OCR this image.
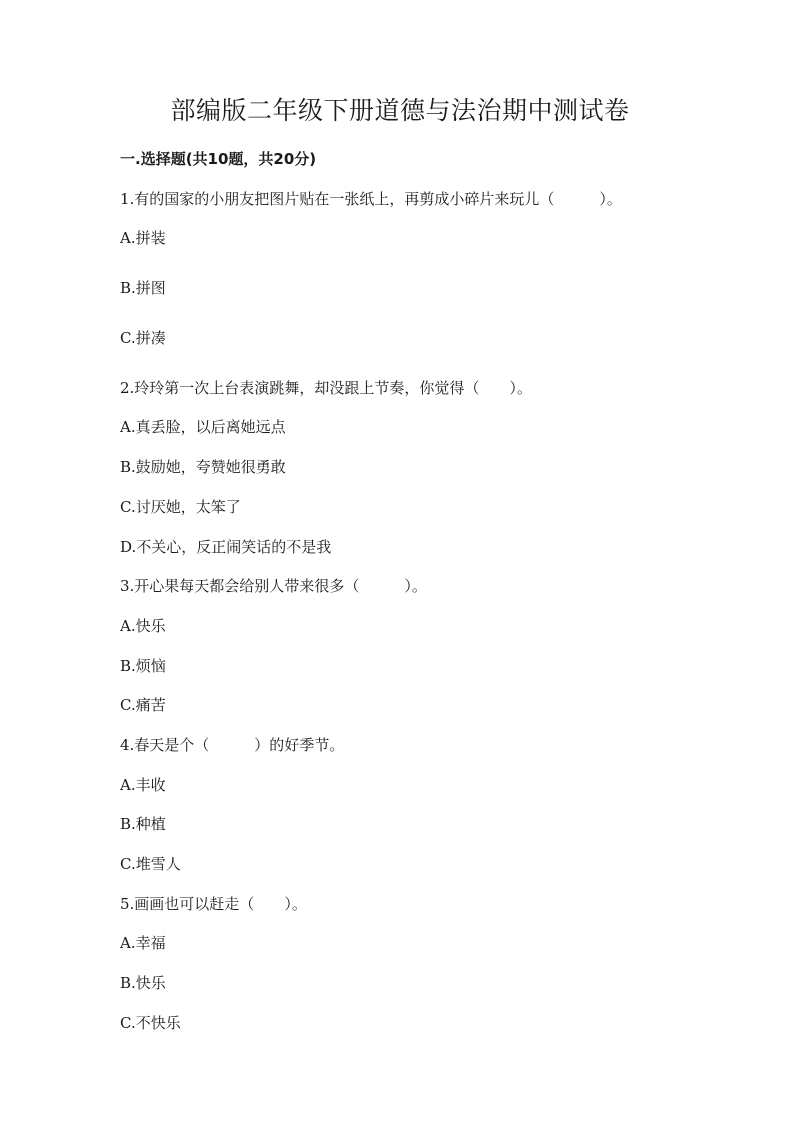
部编版二年级下册道德与法治期中测试卷
一.选择题(共10题，共20分)
1.有的国家的小朋友把图片贴在一张纸上，再剪成小碎片来玩儿（　　　）。
A.拼装
B.拼图
C.拼凑
2.玲玲第一次上台表演跳舞，却没跟上节奏，你觉得（　　）。
A.真丢脸，以后离她远点
B.鼓励她，夸赞她很勇敢
C.讨厌她，太笨了
D.不关心，反正闹笑话的不是我
3.开心果每天都会给别人带来很多（　　　）。
A.快乐
B.烦恼
C.痛苦
4.春天是个（　　　）的好季节。
A.丰收
B.种植
C.堆雪人
5.画画也可以赶走（　　）。
A.幸福
B.快乐
C.不快乐
